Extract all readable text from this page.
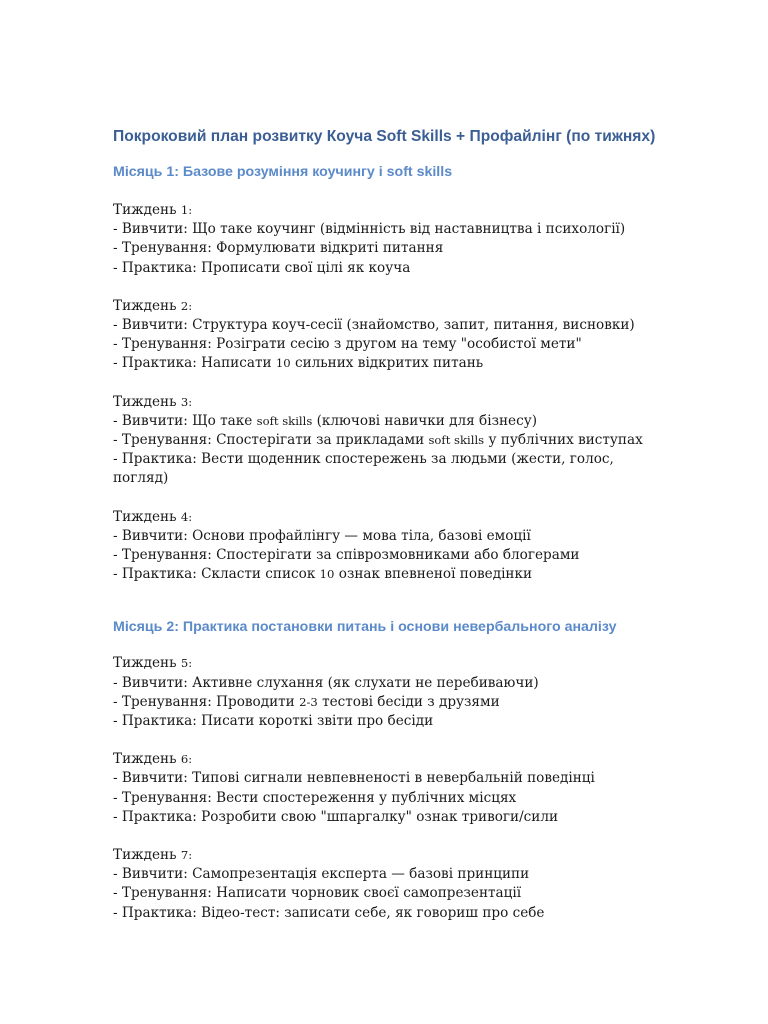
Покроковий план розвитку Коуча Soft Skills + Профайлінг (по тижнях)
Місяць 1: Базове розуміння коучингу і soft skills
Тиждень 1:
- Вивчити: Що таке коучинг (відмінність від наставництва і психології)
- Тренування: Формулювати відкриті питання
- Практика: Прописати свої цілі як коуча
Тиждень 2:
- Вивчити: Структура коуч-сесії (знайомство, запит, питання, висновки)
- Тренування: Розіграти сесію з другом на тему "особистої мети"
- Практика: Написати 10 сильних відкритих питань
Тиждень 3:
- Вивчити: Що таке soft skills (ключові навички для бізнесу)
- Тренування: Спостерігати за прикладами soft skills у публічних виступах
- Практика: Вести щоденник спостережень за людьми (жести, голос, погляд)
Тиждень 4:
- Вивчити: Основи профайлінгу — мова тіла, базові емоції
- Тренування: Спостерігати за співрозмовниками або блогерами
- Практика: Скласти список 10 ознак впевненої поведінки
Місяць 2: Практика постановки питань і основи невербального аналізу
Тиждень 5:
- Вивчити: Активне слухання (як слухати не перебиваючи)
- Тренування: Проводити 2-3 тестові бесіди з друзями
- Практика: Писати короткі звіти про бесіди
Тиждень 6:
- Вивчити: Типові сигнали невпевненості в невербальній поведінці
- Тренування: Вести спостереження у публічних місцях
- Практика: Розробити свою "шпаргалку" ознак тривоги/сили
Тиждень 7:
- Вивчити: Самопрезентація експерта — базові принципи
- Тренування: Написати чорновик своєї самопрезентації
- Практика: Відео-тест: записати себе, як говориш про себе
